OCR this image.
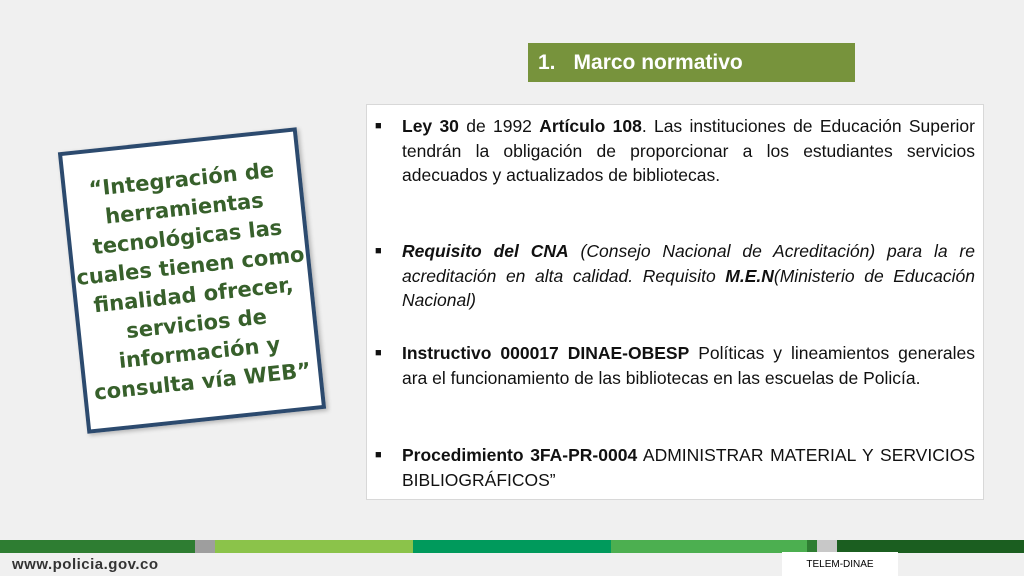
1. Marco normativo
“Integración de herramientas tecnológicas las cuales tienen como finalidad ofrecer, servicios de información y consulta vía WEB”
■ Ley 30 de 1992 Artículo 108. Las instituciones de Educación Superior tendrán la obligación de proporcionar a los estudiantes servicios adecuados y actualizados de bibliotecas.
■ Requisito del CNA (Consejo Nacional de Acreditación) para la re acreditación en alta calidad. Requisito M.E.N(Ministerio de Educación Nacional)
■ Instructivo 000017 DINAE-OBESP Políticas y lineamientos generales ara el funcionamiento de las bibliotecas en las escuelas de Policía.
■ Procedimiento 3FA-PR-0004 ADMINISTRAR MATERIAL Y SERVICIOS BIBLIOGRÁFICOS”
www.policia.gov.co	TELEM-DINAE
